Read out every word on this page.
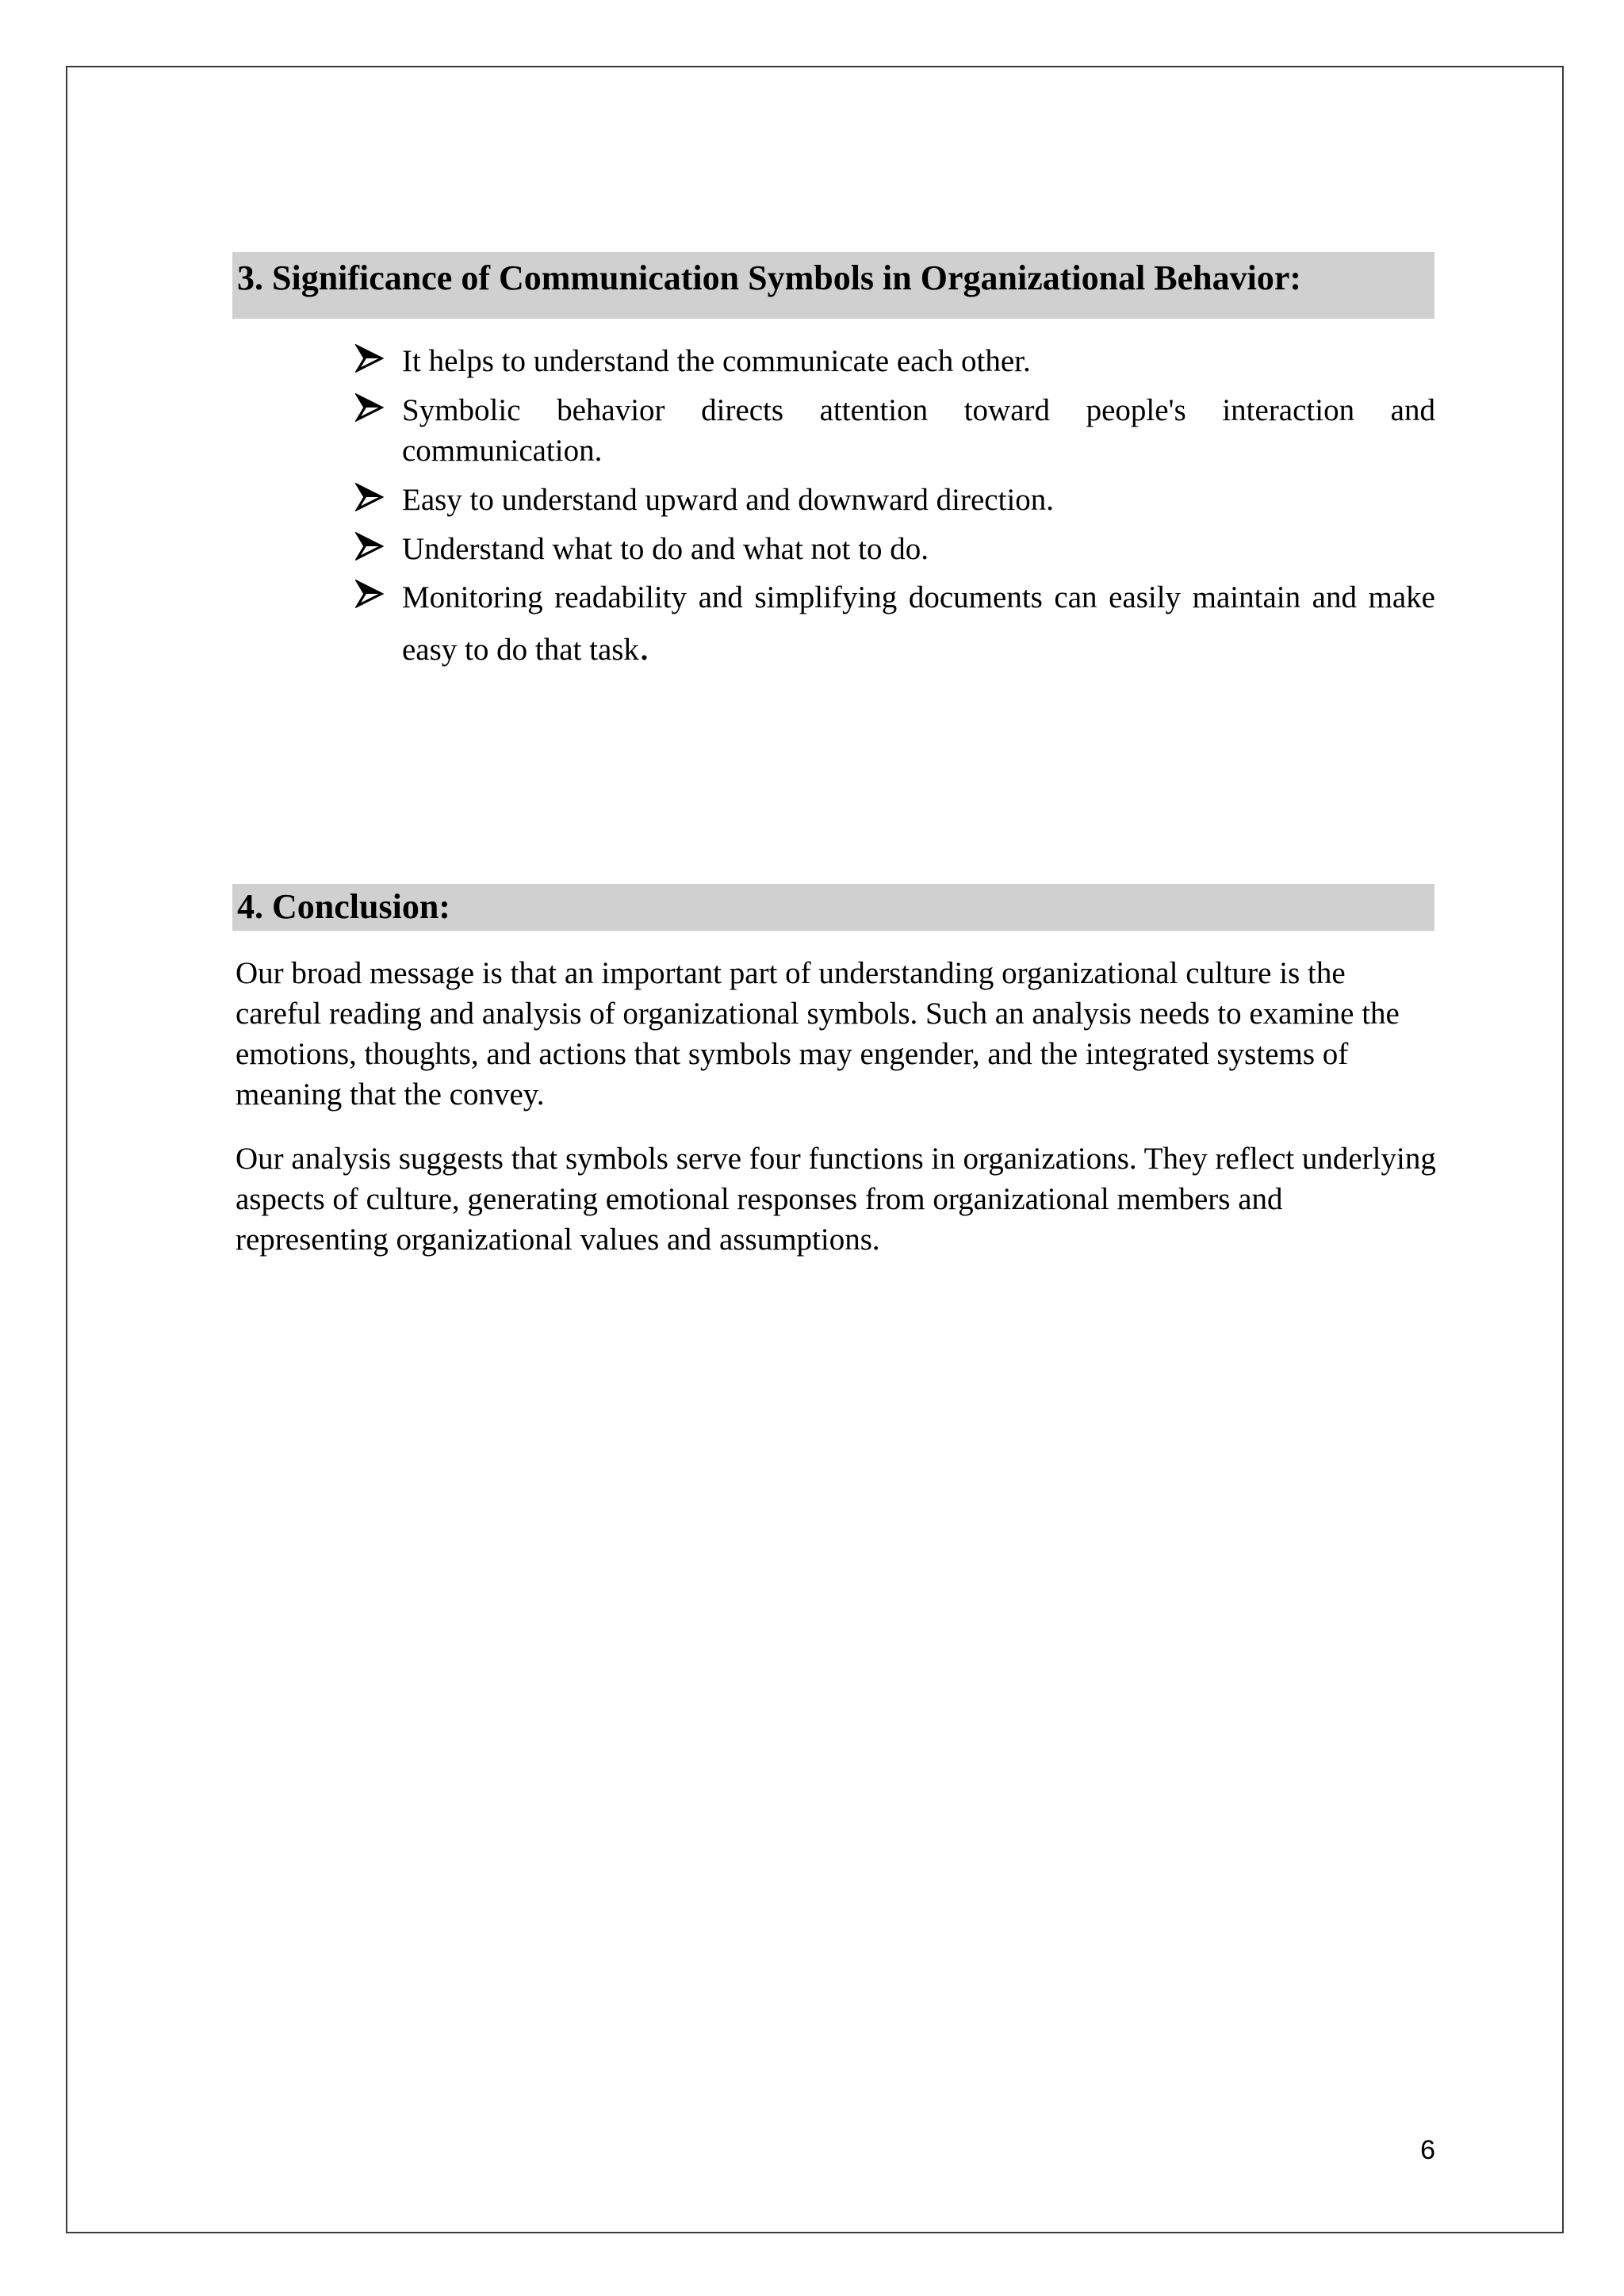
3. Significance of Communication Symbols in Organizational Behavior:
It helps to understand the communicate each other.
Symbolic behavior directs attention toward people's interaction and communication.
Easy to understand upward and downward direction.
Understand what to do and what not to do.
Monitoring readability and simplifying documents can easily maintain and make easy to do that task.
4. Conclusion:

Our broad message is that an important part of understanding organizational culture is the careful reading and analysis of organizational symbols. Such an analysis needs to examine the emotions, thoughts, and actions that symbols may engender, and the integrated systems of meaning that the convey.

Our analysis suggests that symbols serve four functions in organizations. They reflect underlying aspects of culture, generating emotional responses from organizational members and representing organizational values and assumptions.

6
